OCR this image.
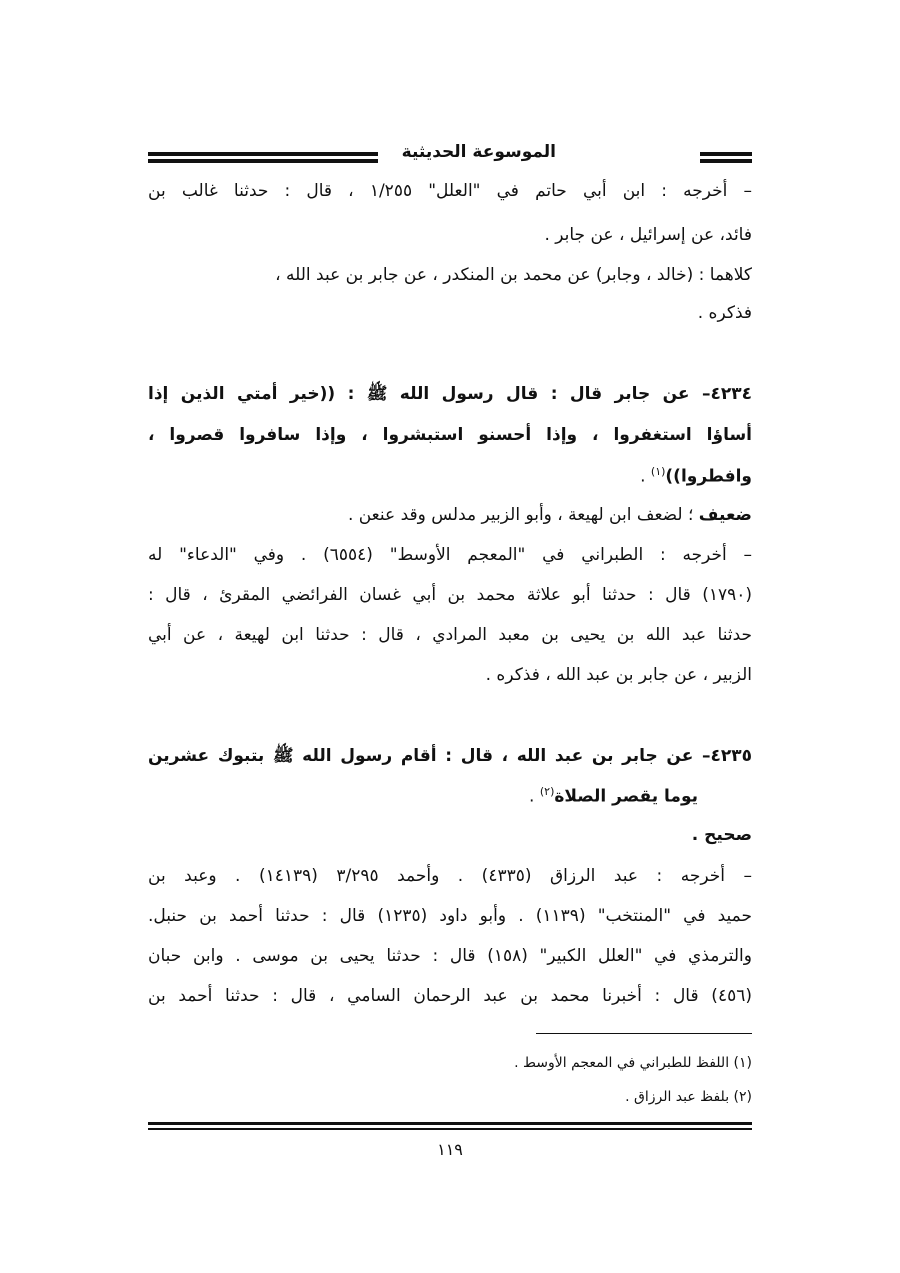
الموسوعة الحديثية
– أخرجه : ابن أبي حاتم في "العلل" ١/٢٥٥ ، قال : حدثنا غالب بن
فائد، عن إسرائيل ، عن جابر .
كلاهما : (خالد ، وجابر) عن محمد بن المنكدر ، عن جابر بن عبد الله ،
فذكره .
٤٢٣٤– عن جابر قال : قال رسول الله ﷺ : ((خير أمتي الذين إذا
أساؤا استغفروا ، وإذا أحسنو استبشروا ، وإذا سافروا قصروا ،
وافطروا))$^{(١)}$ .
ضعيف ؛ لضعف ابن لهيعة ، وأبو الزبير مدلس وقد عنعن .
– أخرجه : الطبراني في "المعجم الأوسط" (٦٥٥٤) . وفي "الدعاء" له
(١٧٩٠) قال : حدثنا أبو علاثة محمد بن أبي غسان الفرائضي المقرئ ، قال :
حدثنا عبد الله بن يحيى بن معبد المرادي ، قال : حدثنا ابن لهيعة ، عن أبي
الزبير ، عن جابر بن عبد الله ، فذكره .
٤٢٣٥– عن جابر بن عبد الله ، قال : أقام رسول الله ﷺ بتبوك عشرين
يوما يقصر الصلاة$^{(٢)}$ .
صحيح .
– أخرجه : عبد الرزاق (٤٣٣٥) . وأحمد ٣/٢٩٥ (١٤١٣٩) . وعبد بن
حميد في "المنتخب" (١١٣٩) . وأبو داود (١٢٣٥) قال : حدثنا أحمد بن حنبل.
والترمذي في "العلل الكبير" (١٥٨) قال : حدثنا يحيى بن موسى . وابن حبان
(٤٥٦) قال : أخبرنا محمد بن عبد الرحمان السامي ، قال : حدثنا أحمد بن
(١) اللفظ للطبراني في المعجم الأوسط .
(٢) بلفظ عبد الرزاق .
١١٩
